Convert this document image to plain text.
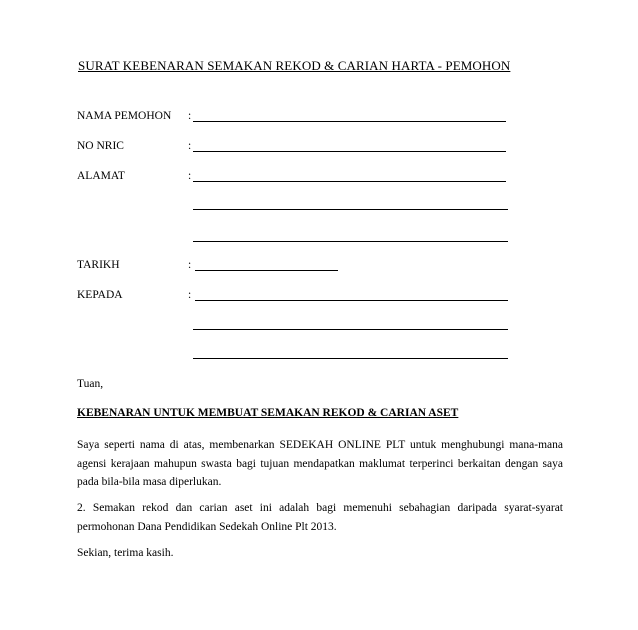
SURAT KEBENARAN SEMAKAN REKOD & CARIAN HARTA - PEMOHON
NAMA PEMOHON :
NO NRIC	:
ALAMAT	:
TARIKH	:
KEPADA	:
Tuan,
KEBENARAN UNTUK MEMBUAT SEMAKAN REKOD & CARIAN ASET
Saya seperti nama di atas, membenarkan SEDEKAH ONLINE PLT untuk menghubungi mana-mana agensi kerajaan mahupun swasta bagi tujuan mendapatkan maklumat terperinci berkaitan dengan saya pada bila-bila masa diperlukan.
2. Semakan rekod dan carian aset ini adalah bagi memenuhi sebahagian daripada syarat-syarat permohonan Dana Pendidikan Sedekah Online Plt 2013.
Sekian, terima kasih.
